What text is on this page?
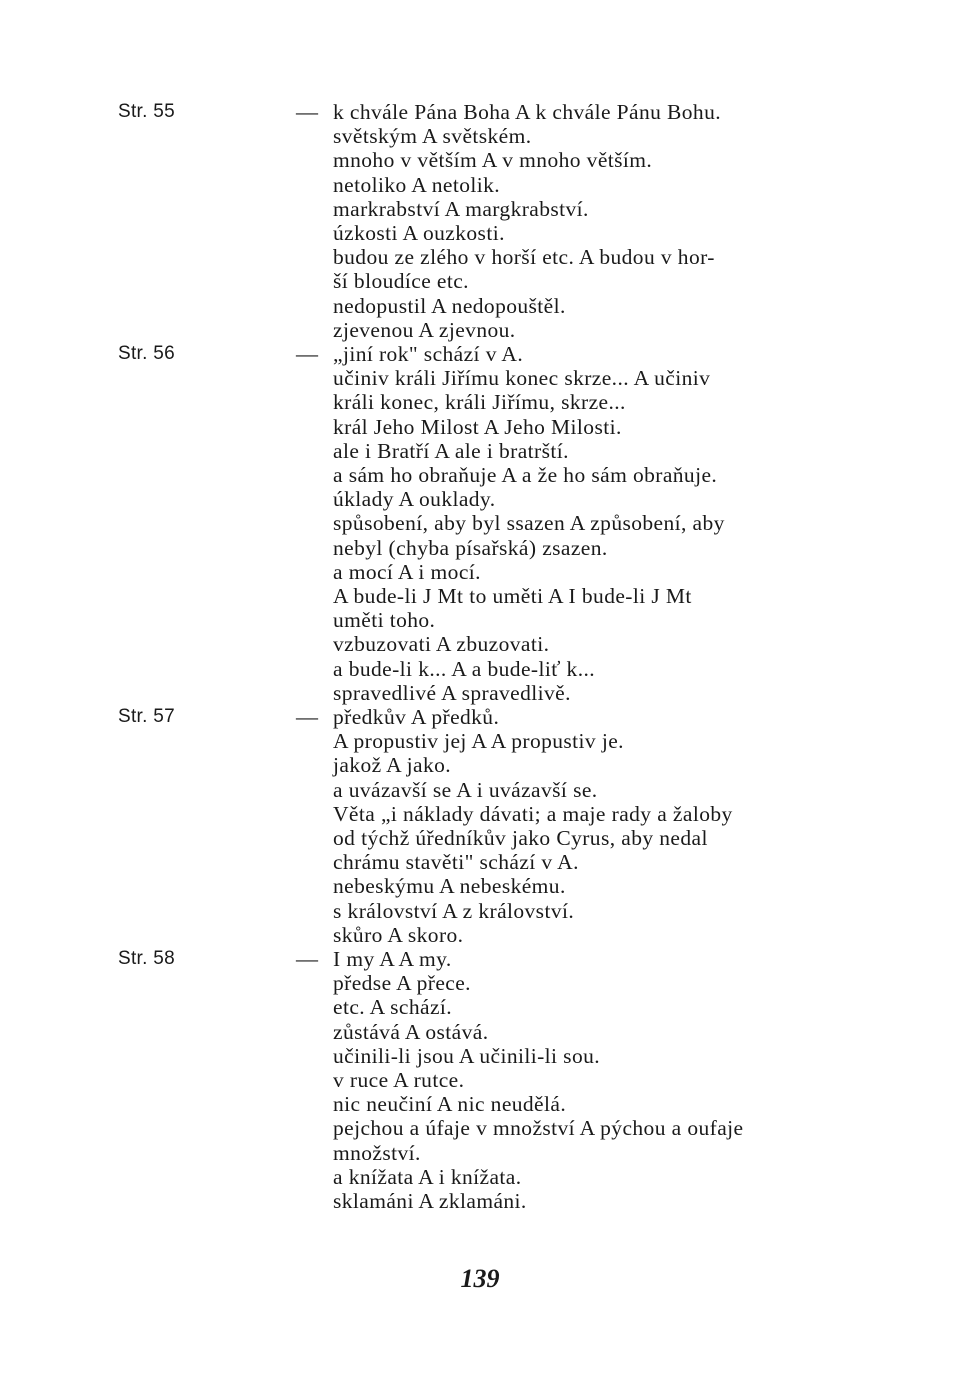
Str. 55	— k chvále Pána Boha A k chvále Pánu Bohu.
světským A světském.
mnoho v větším A v mnoho větším.
netoliko A netolik.
markrabství A margkrabství.
úzkosti A ouzkosti.
budou ze zlého v horší etc. A budou v hor-
ší bloudíce etc.
nedopustil A nedopouštěl.
zjevenou A zjevnou.
Str. 56	— „jiní rok" schází v A.
učiniv králi Jiřímu konec skrze... A učiniv
králi konec, králi Jiřímu, skrze...
král Jeho Milost A Jeho Milosti.
ale i Bratří A ale i bratrští.
a sám ho obraňuje A a že ho sám obraňuje.
úklady A ouklady.
spůsobení, aby byl ssazen A způsobení, aby
nebyl (chyba písařská) zsazen.
a mocí A i mocí.
A bude-li J Mt to uměti A I bude-li J Mt
uměti toho.
vzbuzovati A zbuzovati.
a bude-li k... A a bude-liť k...
spravedlivé A spravedlivě.
Str. 57	— předkův A předků.
A propustiv jej A A propustiv je.
jakož A jako.
a uvázavší se A i uvázavší se.
Věta „i náklady dávati; a maje rady a žaloby
od týchž úředníkův jako Cyrus, aby nedal
chrámu stavěti" schází v A.
nebeskýmu A nebeskému.
s království A z království.
skůro A skoro.
Str. 58	— I my A A my.
předse A přece.
etc. A schází.
zůstává A ostává.
učinili-li jsou A učinili-li sou.
v ruce A rutce.
nic neučiní A nic neudělá.
pejchou a úfaje v množství A pýchou a oufaje
množství.
a knížata A i knížata.
sklamáni A zklamáni.
139
